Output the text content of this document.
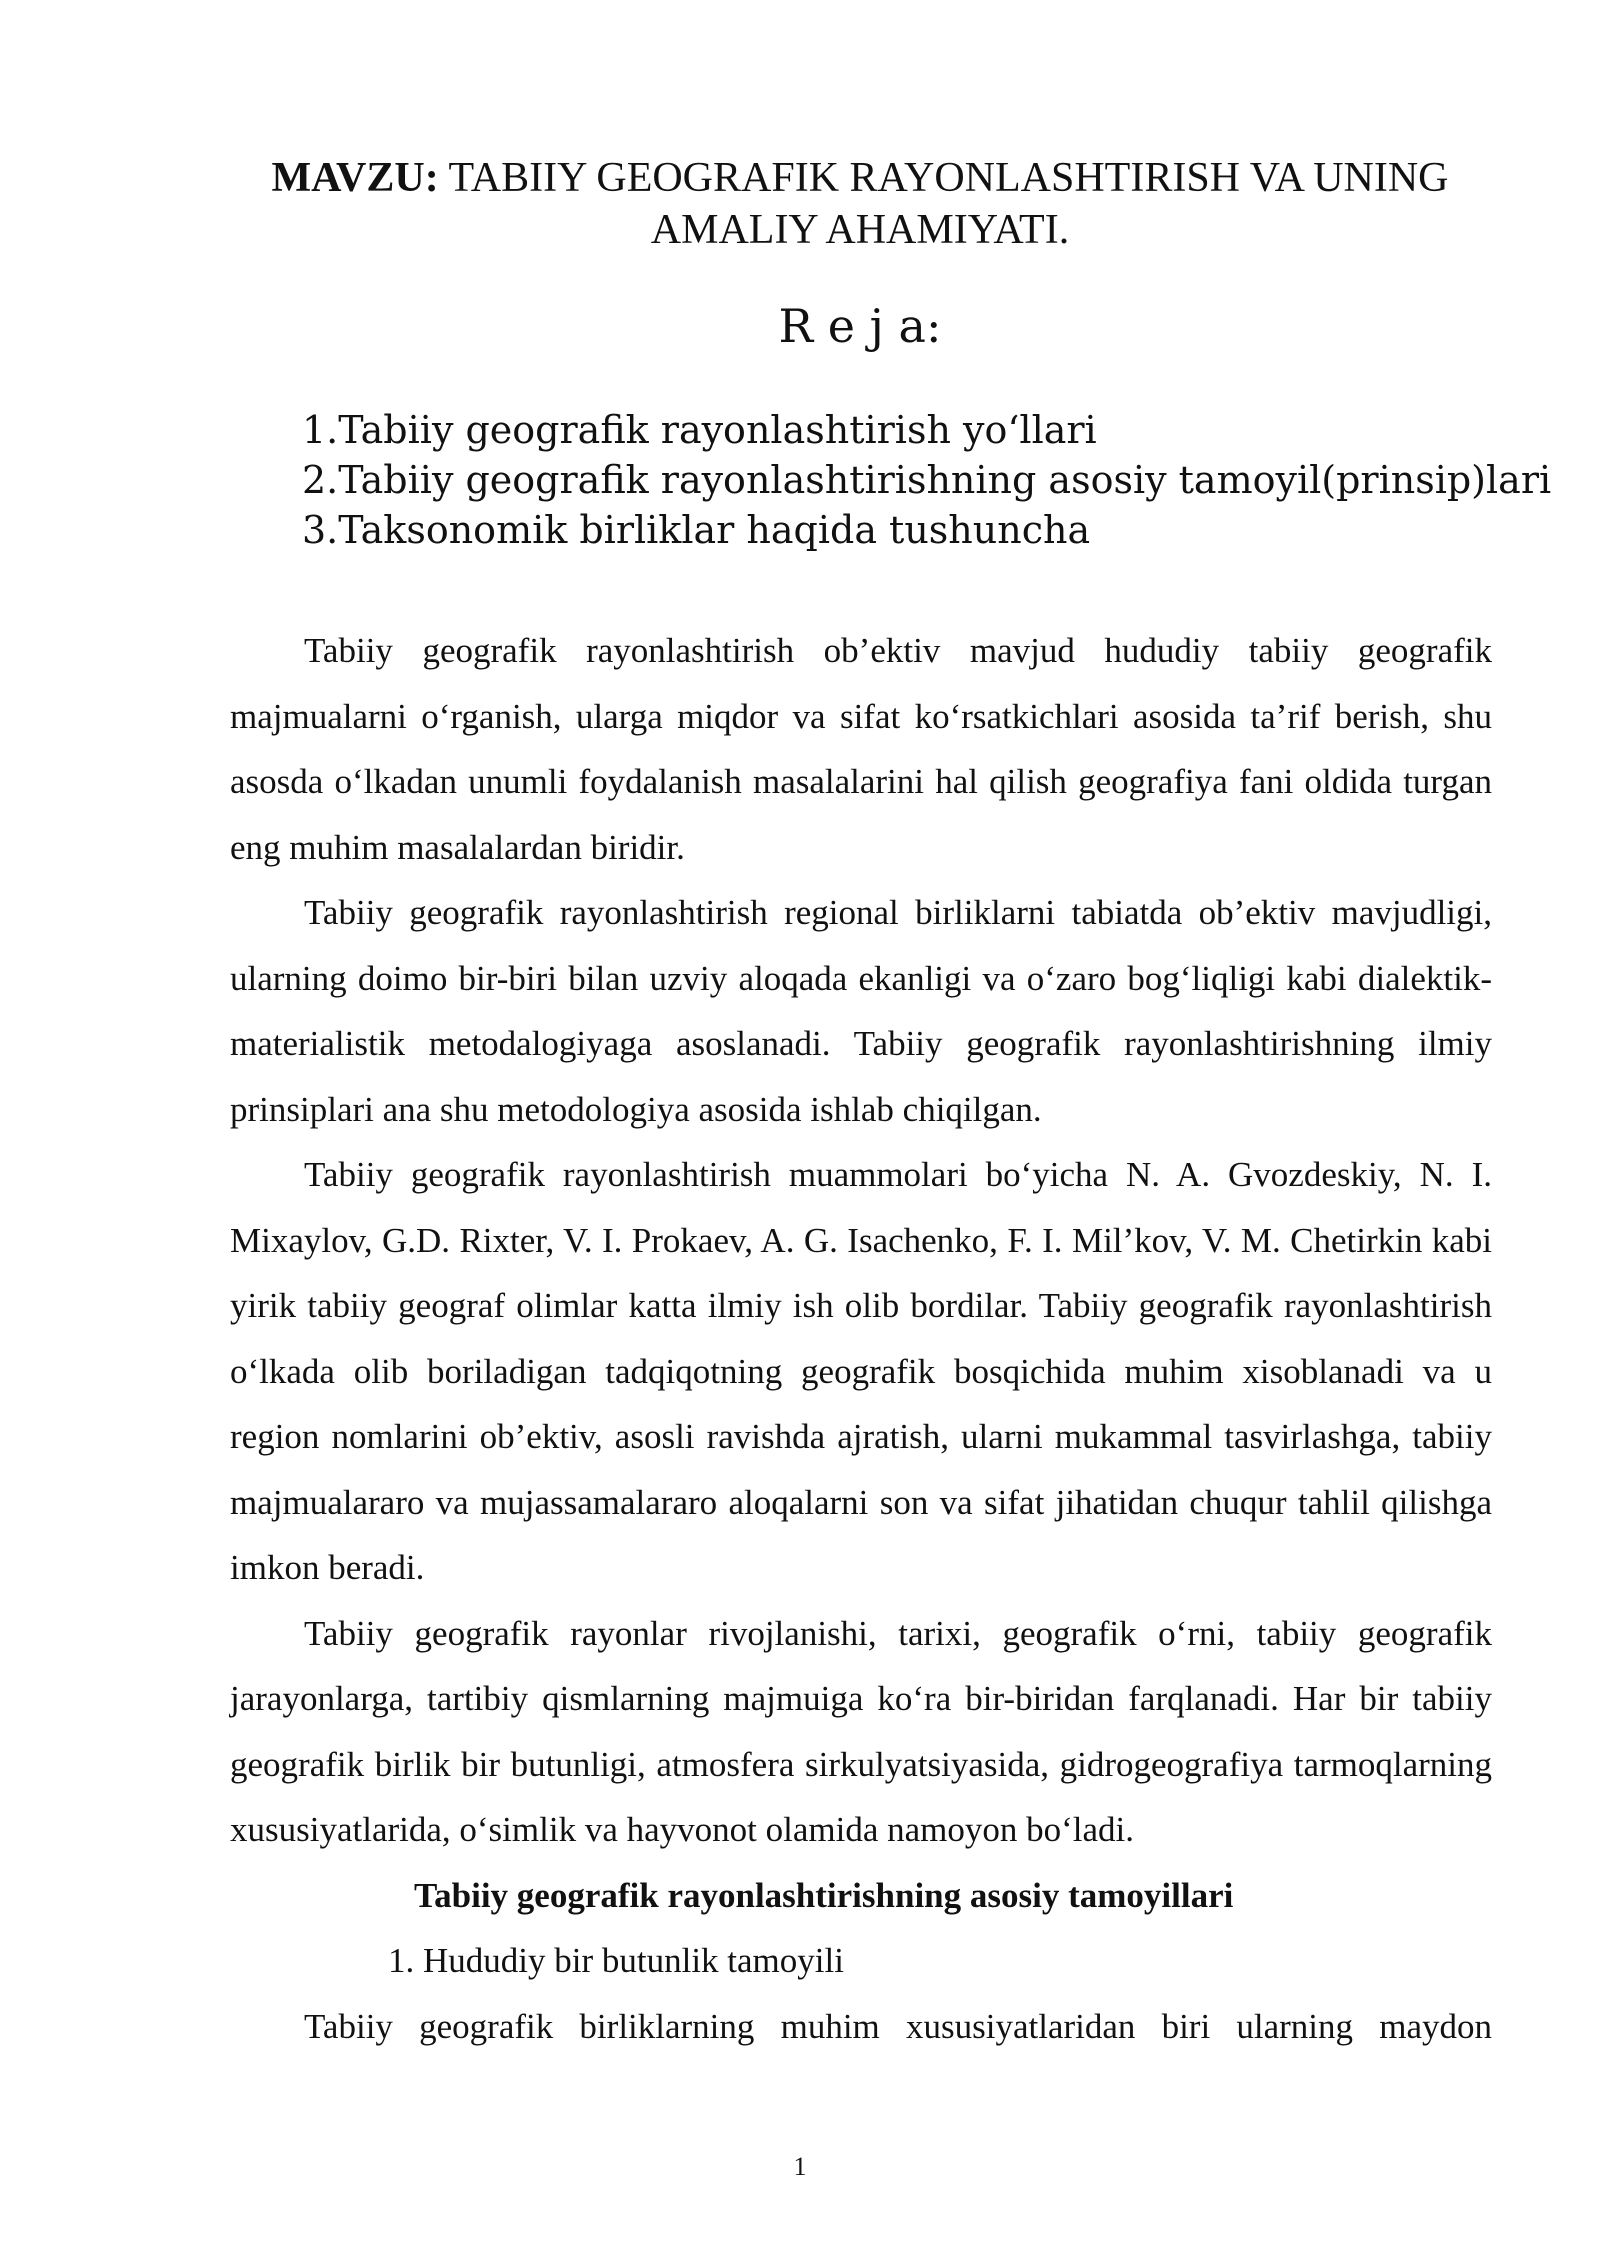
MAVZU: TABIIY GEOGRAFIK RAYONLASHTIRISH VA UNING AMALIY AHAMIYATI.
R e j a:
1.Tabiiy geografik rayonlashtirish yo‘llari
2.Tabiiy geografik rayonlashtirishning asosiy tamoyil(prinsip)lari
3.Taksonomik birliklar haqida tushuncha

Tabiiy geografik rayonlashtirish ob’ektiv mavjud hududiy tabiiy geografik majmualarni o‘rganish, ularga miqdor va sifat ko‘rsatkichlari asosida ta’rif berish, shu asosda o‘lkadan unumli foydalanish masalalarini hal qilish geografiya fani oldida turgan eng muhim masalalardan biridir.

Tabiiy geografik rayonlashtirish regional birliklarni tabiatda ob’ektiv mavjudligi, ularning doimo bir-biri bilan uzviy aloqada ekanligi va o‘zaro bog‘liqligi kabi dialektik-materialistik metodalogiyaga asoslanadi. Tabiiy geografik rayonlashtirishning ilmiy prinsiplari ana shu metodologiya asosida ishlab chiqilgan.

Tabiiy geografik rayonlashtirish muammolari bo‘yicha N. A. Gvozdeskiy, N. I. Mixaylov, G.D. Rixter, V. I. Prokaev, A. G. Isachenko, F. I. Mil’kov, V. M. Chetirkin kabi yirik tabiiy geograf olimlar katta ilmiy ish olib bordilar. Tabiiy geografik rayonlashtirish o‘lkada olib boriladigan tadqiqotning geografik bosqichida muhim xisoblanadi va u region nomlarini ob’ektiv, asosli ravishda ajratish, ularni mukammal tasvirlashga, tabiiy majmualararo va mujassamalararo aloqalarni son va sifat jihatidan chuqur tahlil qilishga imkon beradi.

Tabiiy geografik rayonlar rivojlanishi, tarixi, geografik o‘rni, tabiiy geografik jarayonlarga, tartibiy qismlarning majmuiga ko‘ra bir-biridan farqlanadi. Har bir tabiiy geografik birlik bir butunligi, atmosfera sirkulyatsiyasida, gidrogeografiya tarmoqlarning xususiyatlarida, o‘simlik va hayvonot olamida namoyon bo‘ladi.

Tabiiy geografik rayonlashtirishning asosiy tamoyillari

1. Hududiy bir butunlik tamoyili

Tabiiy geografik birliklarning muhim xususiyatlaridan biri ularning maydon

1
